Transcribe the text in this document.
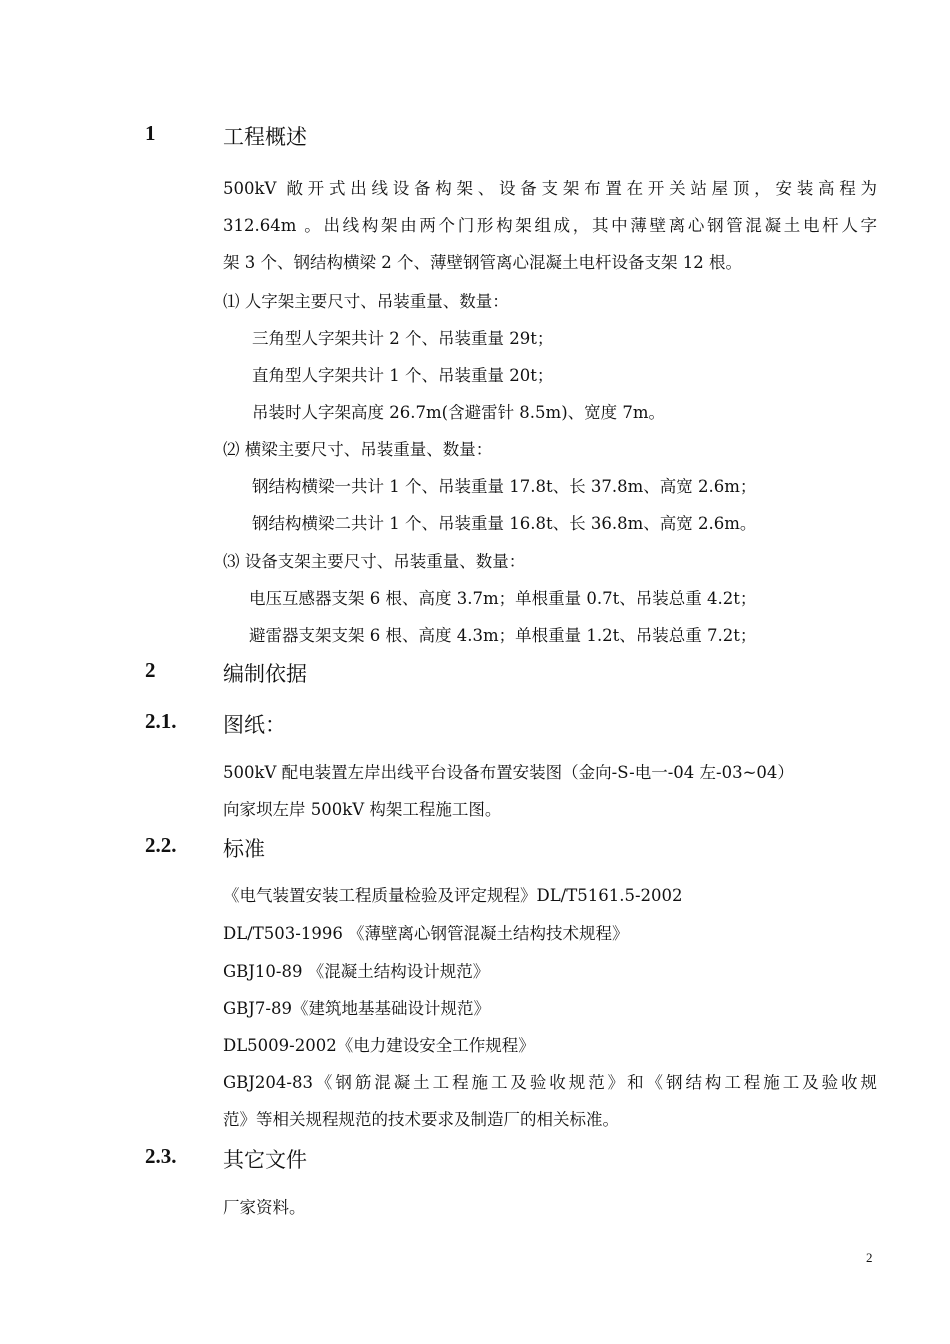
1	工程概述
500kV 敞开式出线设备构架、设备支架布置在开关站屋顶，安装高程为
312.64m 。出线构架由两个门形构架组成，其中薄壁离心钢管混凝土电杆人字
架 3 个、钢结构横梁 2 个、薄壁钢管离心混凝土电杆设备支架 12 根。
⑴ 人字架主要尺寸、吊装重量、数量：
三角型人字架共计 2 个、吊装重量 29t；
直角型人字架共计 1 个、吊装重量 20t；
吊装时人字架高度 26.7m(含避雷针 8.5m)、宽度 7m。
⑵ 横梁主要尺寸、吊装重量、数量：
钢结构横梁一共计 1 个、吊装重量 17.8t、长 37.8m、高宽 2.6m；
钢结构横梁二共计 1 个、吊装重量 16.8t、长 36.8m、高宽 2.6m。
⑶ 设备支架主要尺寸、吊装重量、数量：
电压互感器支架 6 根、高度 3.7m；单根重量 0.7t、吊装总重 4.2t；
避雷器支架支架 6 根、高度 4.3m；单根重量 1.2t、吊装总重 7.2t；
2	编制依据
2.1. 图纸：
500kV 配电装置左岸出线平台设备布置安装图（金向-S-电一-04 左-03~04）
向家坝左岸 500kV 构架工程施工图。
2.2. 标准
《电气装置安装工程质量检验及评定规程》DL/T5161.5-2002
DL/T503-1996 《薄壁离心钢管混凝土结构技术规程》
GBJ10-89 《混凝土结构设计规范》
GBJ7-89《建筑地基基础设计规范》
DL5009-2002《电力建设安全工作规程》
GBJ204-83《钢筋混凝土工程施工及验收规范》和《钢结构工程施工及验收规
范》等相关规程规范的技术要求及制造厂的相关标准。
2.3. 其它文件
厂家资料。
2
